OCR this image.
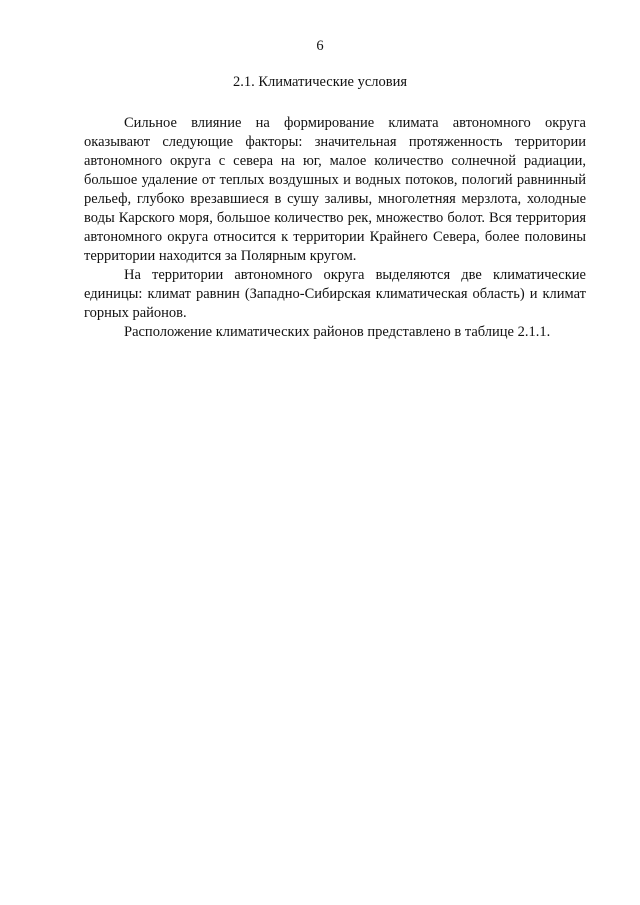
6
2.1. Климатические условия

Сильное влияние на формирование климата автономного округа оказывают следующие факторы: значительная протяженность территории автономного округа с севера на юг, малое количество солнечной радиации, большое удаление от теплых воздушных и водных потоков, пологий равнинный рельеф, глубоко врезавшиеся в сушу заливы, многолетняя мерзлота, холодные воды Карского моря, большое количество рек, множество болот. Вся территория автономного округа относится к территории Крайнего Севера, более половины территории находится за Полярным кругом.

На территории автономного округа выделяются две климатические единицы: климат равнин (Западно-Сибирская климатическая область) и климат горных районов.

Расположение климатических районов представлено в таблице 2.1.1.
